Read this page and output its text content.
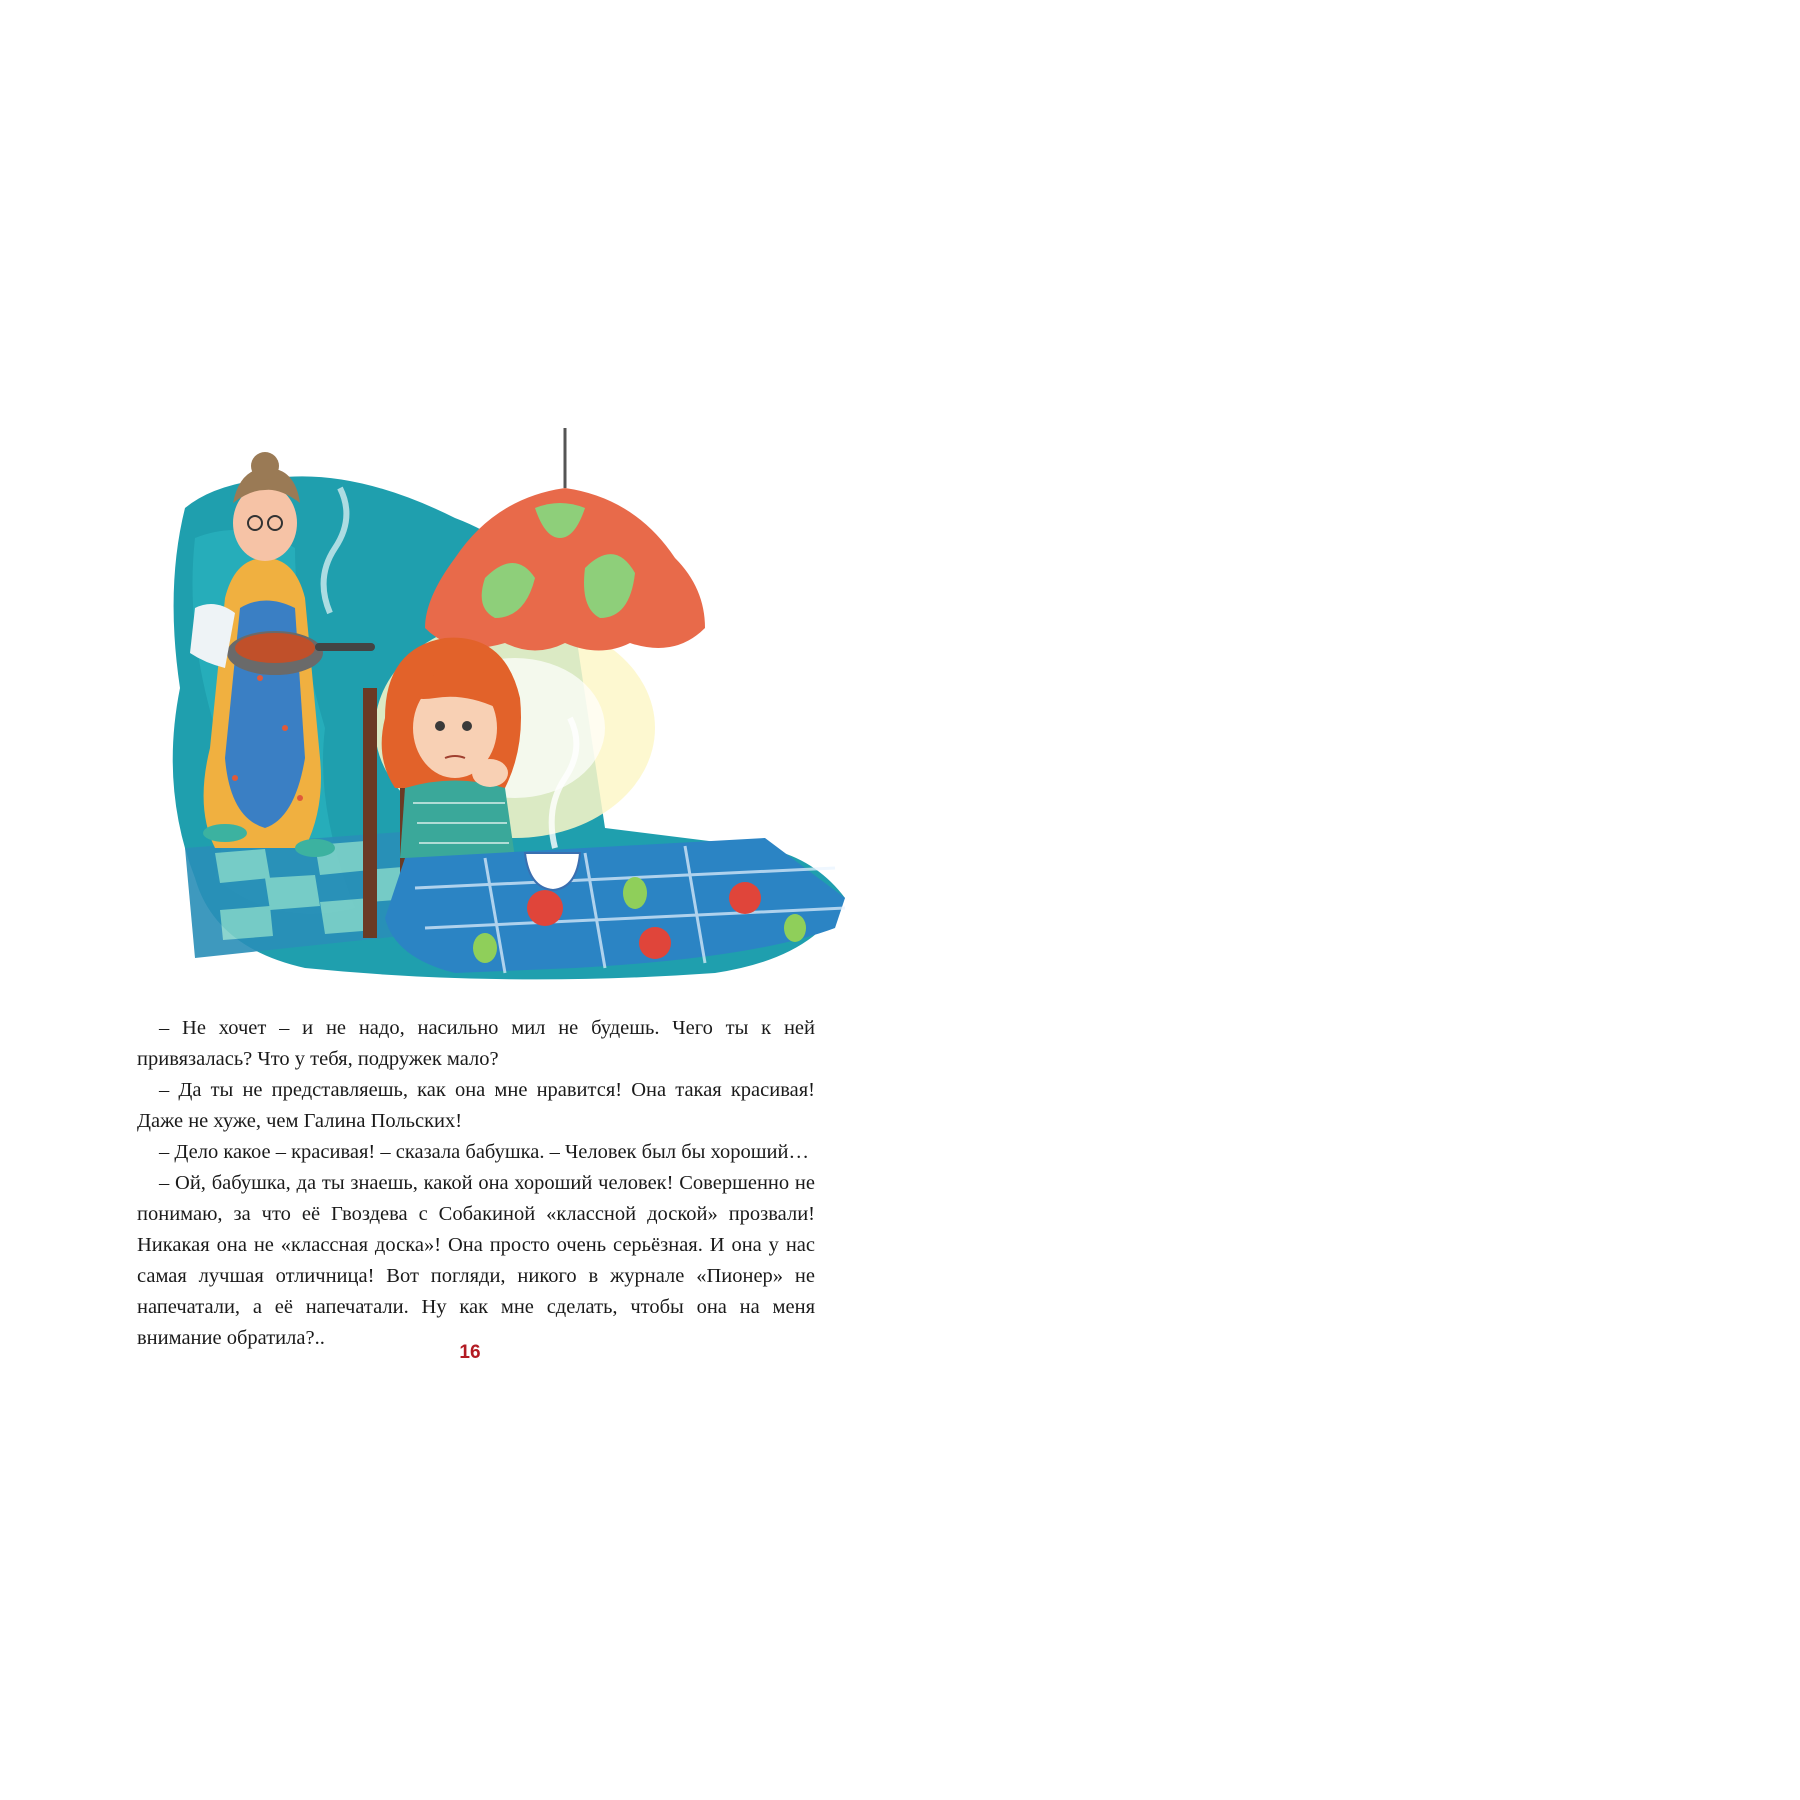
– Не хочет – и не надо, насильно мил не будешь. Чего ты к ней привязалась? Что у тебя, подружек мало?

– Да ты не представляешь, как она мне нравится! Она такая красивая! Даже не хуже, чем Галина Польских!

– Дело какое – красивая! – сказала бабушка. – Человек был бы хороший…

– Ой, бабушка, да ты знаешь, какой она хороший человек! Совершенно не понимаю, за что её Гвоздева с Собакиной «классной доской» прозвали! Никакая она не «классная доска»! Она просто очень серьёзная. И она у нас самая лучшая отличница! Вот погляди, никого в журнале «Пионер» не напечатали, а её напечатали. Ну как мне сделать, чтобы она на меня внимание обратила?..

16
